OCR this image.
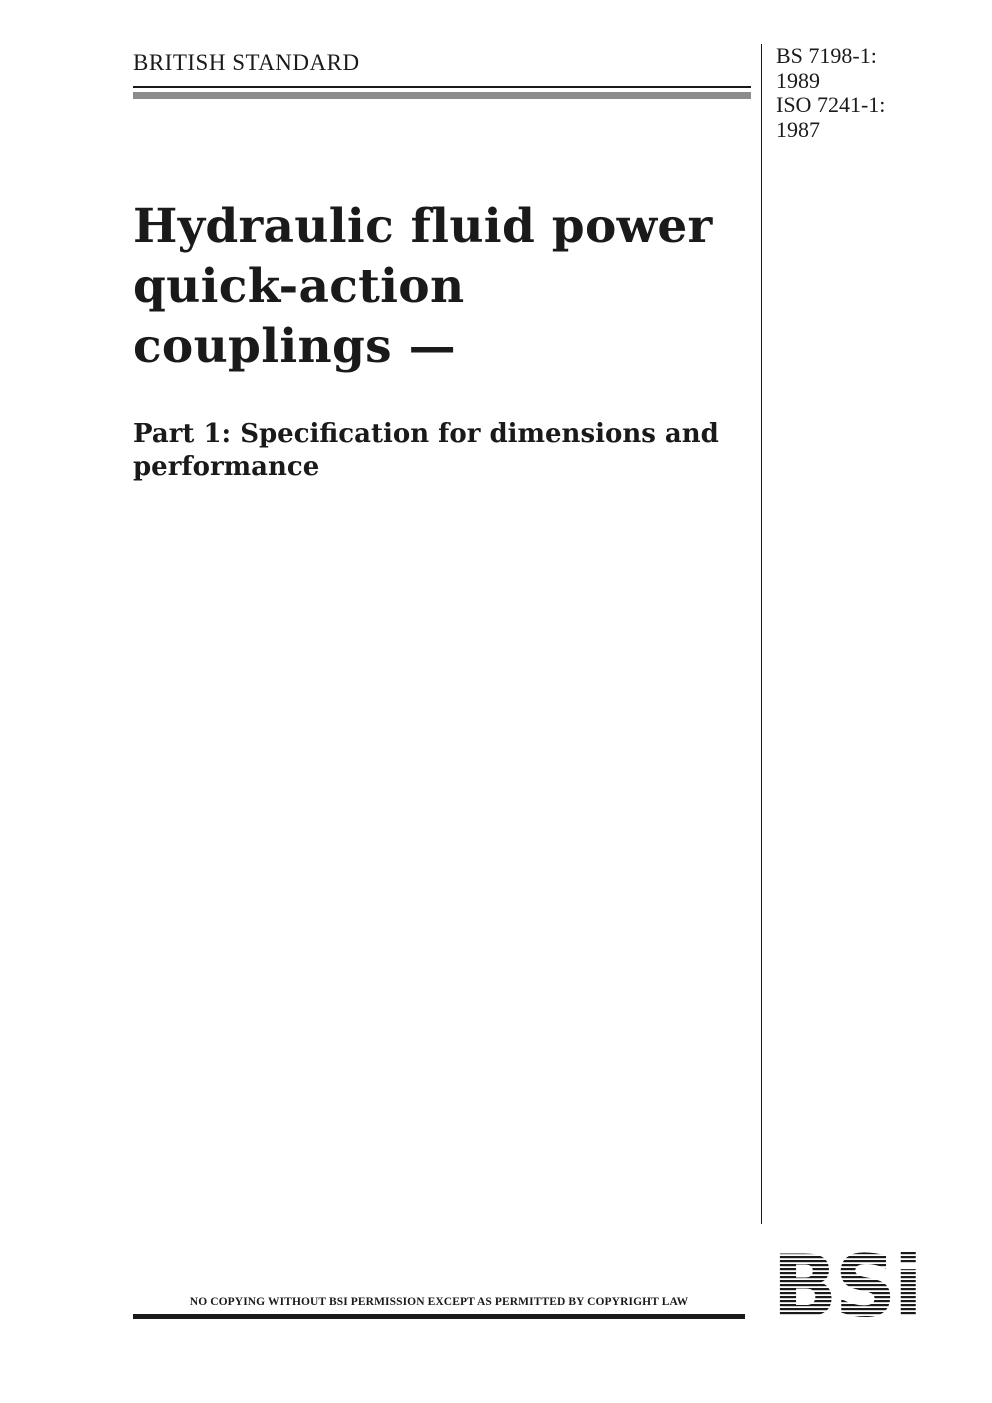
BRITISH STANDARD	BS 7198-1:
1989
ISO 7241-1:
1987
Hydraulic fluid power
quick-action
couplings —
Part 1: Specification for dimensions and
performance
NO COPYING WITHOUT BSI PERMISSION EXCEPT AS PERMITTED BY COPYRIGHT LAW
